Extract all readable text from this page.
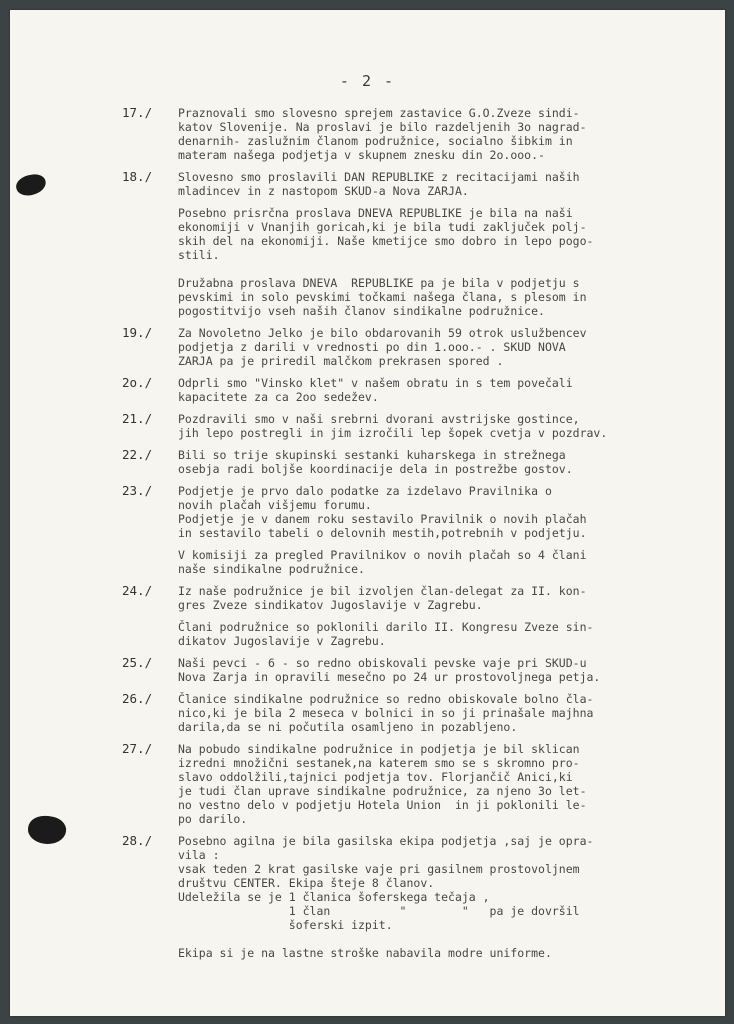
- 2 -
17./	Praznovali smo slovesno sprejem zastavice G.O.Zveze sindi-
katov Slovenije. Na proslavi je bilo razdeljenih 3o nagrad-
denarnih- zaslužnim članom podružnice, socialno šibkim in
materam našega podjetja v skupnem znesku din 2o.ooo.-
18./	Slovesno smo proslavili DAN REPUBLIKE z recitacijami naših
mladincev in z nastopom SKUD-a Nova ZARJA.
Posebno prisrčna proslava DNEVA REPUBLIKE je bila na naši
ekonomiji v Vnanjih goricah,ki je bila tudi zaključek polj-
skih del na ekonomiji. Naše kmetijce smo dobro in lepo pogo-
stili.
Družabna proslava DNEVA  REPUBLIKE pa je bila v podjetju s
pevskimi in solo pevskimi točkami našega člana, s plesom in
pogostitvijo vseh naših članov sindikalne podružnice.
19./	Za Novoletno Jelko je bilo obdarovanih 59 otrok uslužbencev
podjetja z darili v vrednosti po din 1.ooo.- . SKUD NOVA
ZARJA pa je priredil malčkom prekrasen spored .
2o./	Odprli smo "Vinsko klet" v našem obratu in s tem povečali
kapacitete za ca 2oo sedežev.
21./	Pozdravili smo v naši srebrni dvorani avstrijske gostince,
jih lepo postregli in jim izročili lep šopek cvetja v pozdrav.
22./	Bili so trije skupinski sestanki kuharskega in strežnega
osebja radi boljše koordinacije dela in postrežbe gostov.
23./	Podjetje je prvo dalo podatke za izdelavo Pravilnika o
novih plačah višjemu forumu.
Podjetje je v danem roku sestavilo Pravilnik o novih plačah
in sestavilo tabeli o delovnih mestih,potrebnih v podjetju.
V komisiji za pregled Pravilnikov o novih plačah so 4 člani
naše sindikalne podružnice.
24./	Iz naše podružnice je bil izvoljen član-delegat za II. kon-
gres Zveze sindikatov Jugoslavije v Zagrebu.
Člani podružnice so poklonili darilo II. Kongresu Zveze sin-
dikatov Jugoslavije v Zagrebu.
25./	Naši pevci - 6 - so redno obiskovali pevske vaje pri SKUD-u
Nova Zarja in opravili mesečno po 24 ur prostovoljnega petja.
26./	Članice sindikalne podružnice so redno obiskovale bolno čla-
nico,ki je bila 2 meseca v bolnici in so ji prinašale majhna
darila,da se ni počutila osamljeno in pozabljeno.
27./	Na pobudo sindikalne podružnice in podjetja je bil sklican
izredni množični sestanek,na katerem smo se s skromno pro-
slavo oddolžili,tajnici podjetja tov. Florjančič Anici,ki
je tudi član uprave sindikalne podružnice, za njeno 3o let-
no vestno delo v podjetju Hotela Union  in ji poklonili le-
po darilo.
28./	Posebno agilna je bila gasilska ekipa podjetja ,saj je opra-
vila :
vsak teden 2 krat gasilske vaje pri gasilnem prostovoljnem
društvu CENTER. Ekipa šteje 8 članov.
Udeležila se je 1 članica šoferskega tečaja ,
1 član          "        "   pa je dovršil
šoferski izpit.
Ekipa si je na lastne stroške nabavila modre uniforme.
